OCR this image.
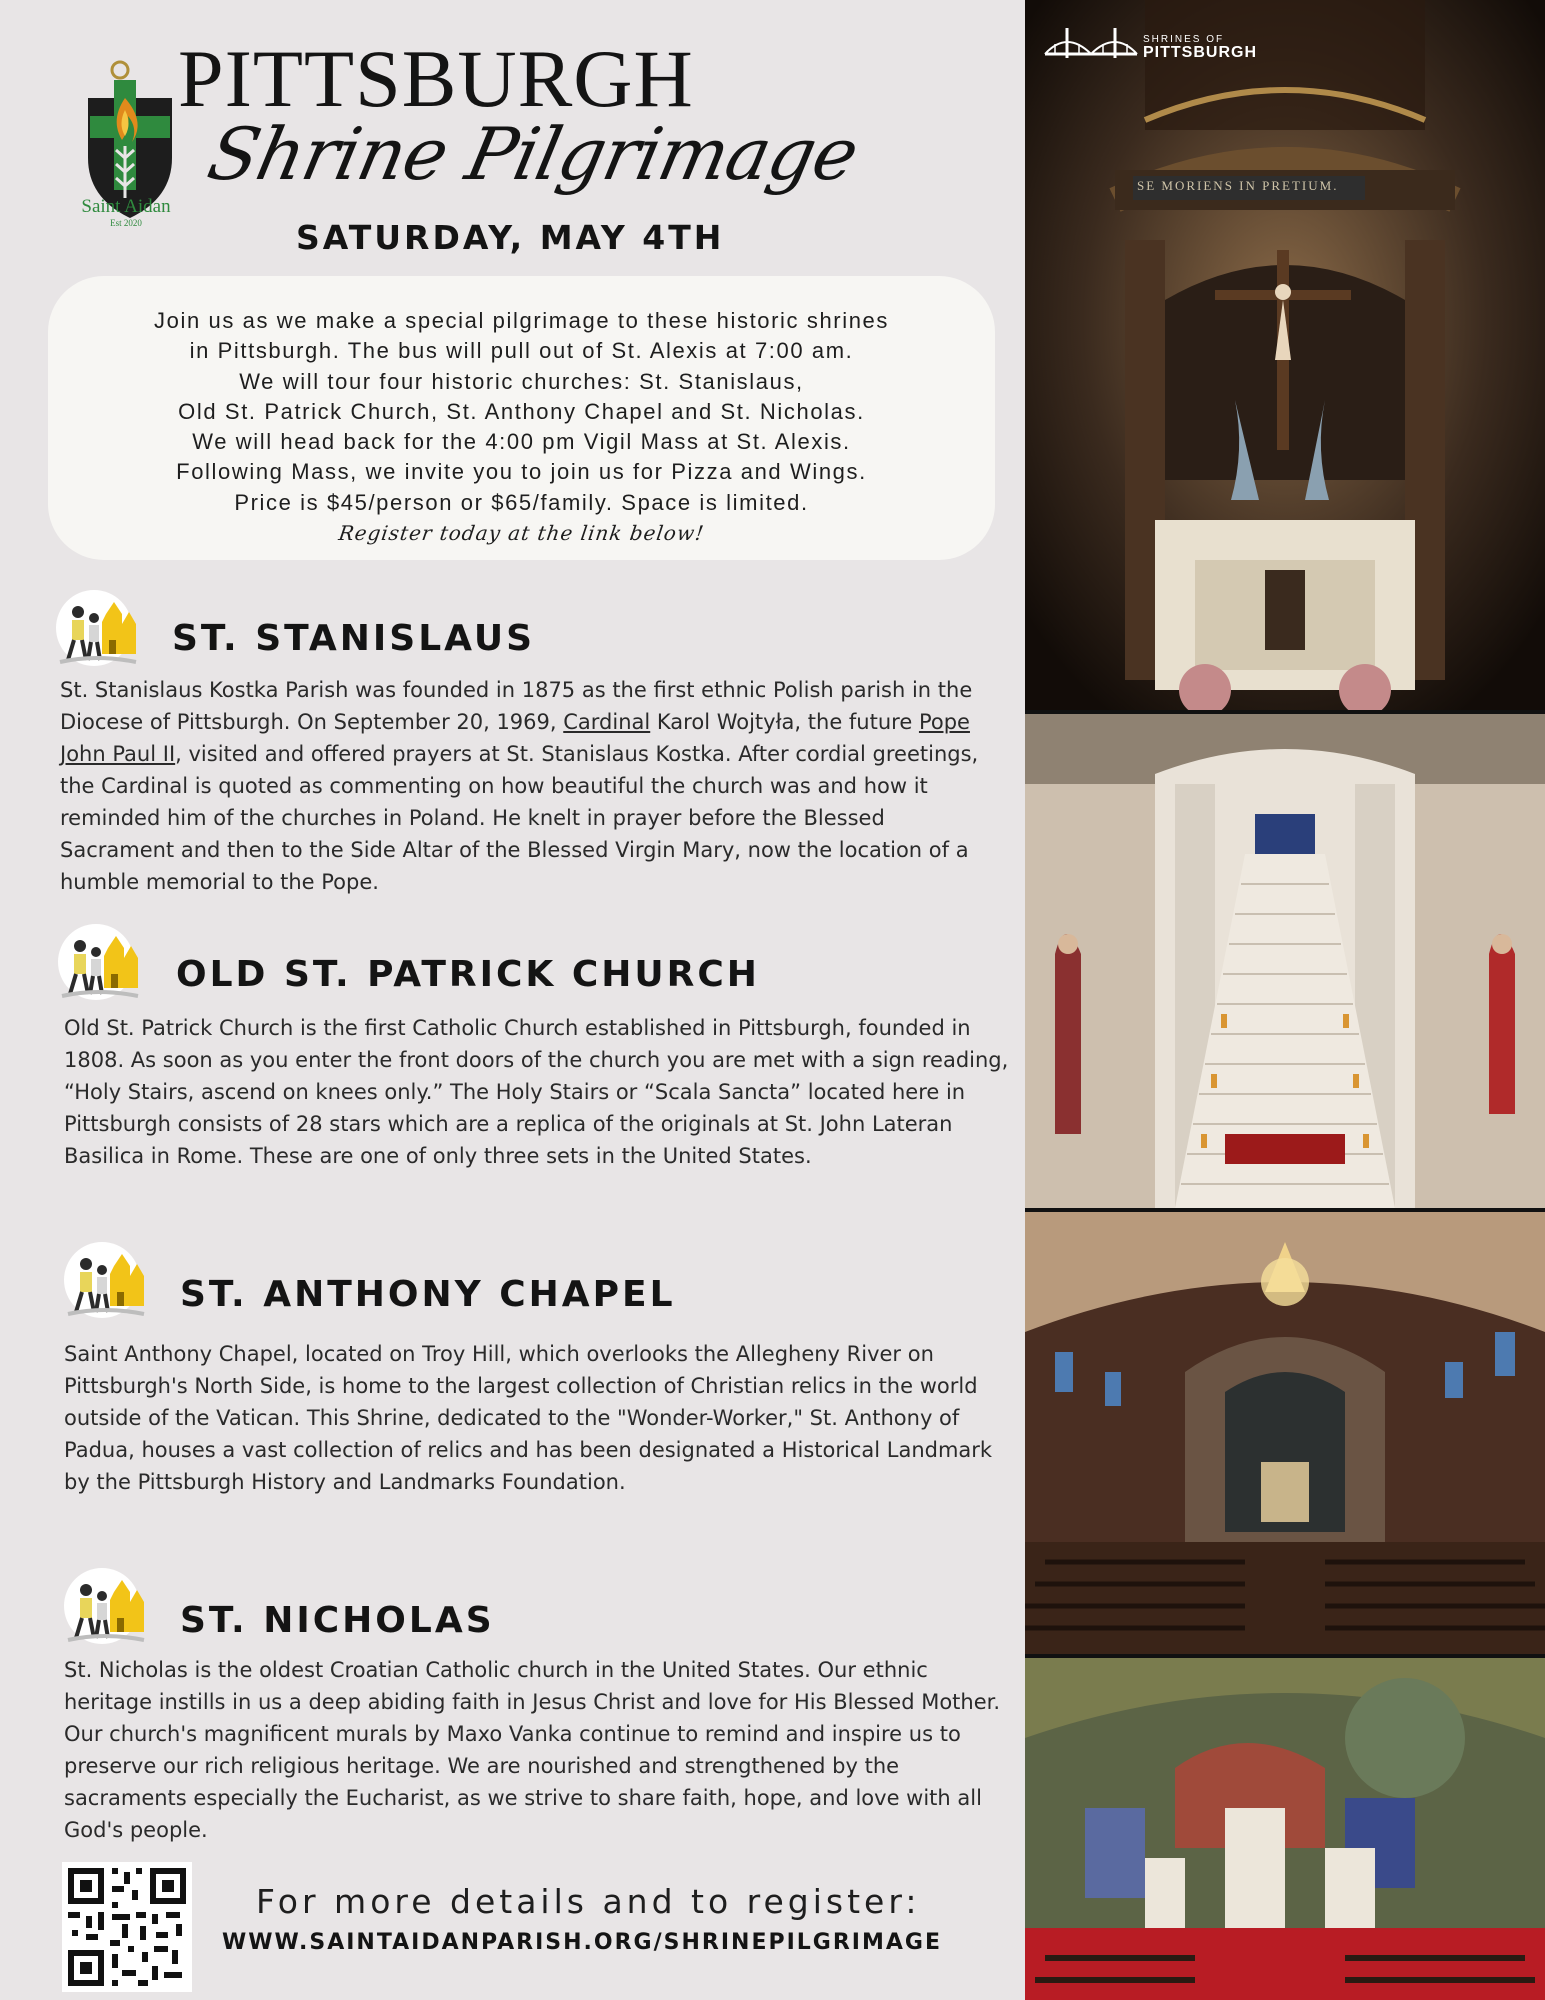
Saint Aidan
Est 2020
PITTSBURGH
Shrine Pilgrimage
SATURDAY, MAY 4TH

Join us as we make a special pilgrimage to these historic shrines

in Pittsburgh. The bus will pull out of St. Alexis at 7:00 am.

We will tour four historic churches: St. Stanislaus,

Old St. Patrick Church, St. Anthony Chapel and St. Nicholas.

We will head back for the 4:00 pm Vigil Mass at St. Alexis.

Following Mass, we invite you to join us for Pizza and Wings.

Price is $45/person or $65/family. Space is limited.

Register today at the link below!

ST. STANISLAUS
St. Stanislaus Kostka Parish was founded in 1875 as the first ethnic Polish parish in the Diocese of Pittsburgh. On September 20, 1969, Cardinal Karol Wojtyła, the future Pope John Paul II, visited and offered prayers at St. Stanislaus Kostka. After cordial greetings, the Cardinal is quoted as commenting on how beautiful the church was and how it reminded him of the churches in Poland. He knelt in prayer before the Blessed Sacrament and then to the Side Altar of the Blessed Virgin Mary, now the location of a humble memorial to the Pope.
OLD ST. PATRICK CHURCH
Old St. Patrick Church is the first Catholic Church established in Pittsburgh, founded in 1808. As soon as you enter the front doors of the church you are met with a sign reading, “Holy Stairs, ascend on knees only.” The Holy Stairs or “Scala Sancta” located here in Pittsburgh consists of 28 stars which are a replica of the originals at St. John Lateran Basilica in Rome. These are one of only three sets in the United States.
ST. ANTHONY CHAPEL
Saint Anthony Chapel, located on Troy Hill, which overlooks the Allegheny River on Pittsburgh's North Side, is home to the largest collection of Christian relics in the world outside of the Vatican. This Shrine, dedicated to the "Wonder-Worker," St. Anthony of Padua, houses a vast collection of relics and has been designated a Historical Landmark by the Pittsburgh History and Landmarks Foundation.
ST. NICHOLAS
St. Nicholas is the oldest Croatian Catholic church in the United States. Our ethnic heritage instills in us a deep abiding faith in Jesus Christ and love for His Blessed Mother. Our church's magnificent murals by Maxo Vanka continue to remind and inspire us to preserve our rich religious heritage. We are nourished and strengthened by the sacraments especially the Eucharist, as we strive to share faith, hope, and love with all God's people.
For more details and to register:
WWW.SAINTAIDANPARISH.ORG/SHRINEPILGRIMAGE
SE MORIENS IN PRETIUM.
SHRINES OF
PITTSBURGH
